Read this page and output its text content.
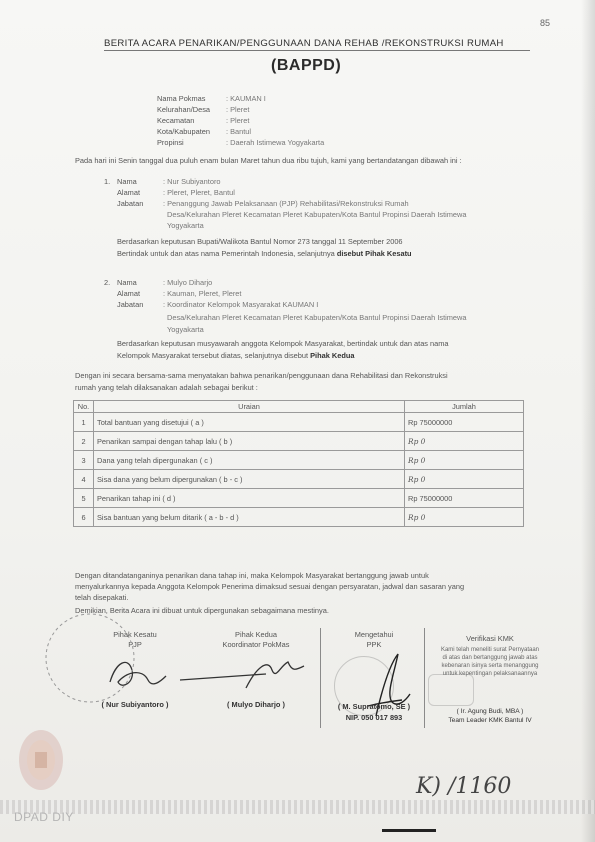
85
BERITA ACARA PENARIKAN/PENGGUNAAN DANA REHAB /REKONSTRUKSI RUMAH
(BAPPD)
Nama Pokmas	: KAUMAN I
Kelurahan/Desa : Pleret
Kecamatan	: Pleret
Kota/Kabupaten : Bantul
Propinsi	: Daerah Istimewa Yogyakarta
Pada hari ini Senin tanggal dua puluh enam bulan Maret tahun dua ribu tujuh, kami yang bertandatangan dibawah ini :
1. Nama	: Nur Subiyantoro
Alamat	: Pleret, Pleret, Bantul
Jabatan	: Penanggung Jawab Pelaksanaan (PJP) Rehabilitasi/Rekonstruksi Rumah
Desa/Kelurahan Pleret Kecamatan Pleret Kabupaten/Kota Bantul Propinsi Daerah Istimewa
Yogyakarta
Berdasarkan keputusan Bupati/Walikota Bantul Nomor 273 tanggal 11 September 2006
Bertindak untuk dan atas nama Pemerintah Indonesia, selanjutnya disebut Pihak Kesatu
2. Nama	: Mulyo Diharjo
Alamat	: Kauman, Pleret, Pleret
Jabatan	: Koordinator Kelompok Masyarakat KAUMAN I
Desa/Kelurahan Pleret Kecamatan Pleret Kabupaten/Kota Bantul Propinsi Daerah Istimewa
Yogyakarta
Berdasarkan keputusan musyawarah anggota Kelompok Masyarakat, bertindak untuk dan atas nama
Kelompok Masyarakat tersebut diatas, selanjutnya disebut Pihak Kedua
Dengan ini secara bersama-sama menyatakan bahwa penarikan/penggunaan dana Rehabilitasi dan Rekonstruksi
rumah yang telah dilaksanakan adalah sebagai berikut :
No.	Uraian	Jumlah
1	Total bantuan yang disetujui ( a )	Rp 75000000
2	Penarikan sampai dengan tahap lalu ( b )	Rp 0
3	Dana yang telah dipergunakan ( c )	Rp 0
4	Sisa dana yang belum dipergunakan ( b - c )	Rp 0
5	Penarikan tahap ini ( d )	Rp 75000000
6	Sisa bantuan yang belum ditarik ( a - b - d )	Rp 0
Dengan ditandatanganinya penarikan dana tahap ini, maka Kelompok Masyarakat bertanggung jawab untuk
menyalurkannya kepada Anggota Kelompok Penerima dimaksud sesuai dengan persyaratan, jadwal dan sasaran yang
telah disepakati.
Demikian, Berita Acara ini dibuat untuk dipergunakan sebagaimana mestinya.
Pihak Kesatu
PJP
( Nur Subiyantoro )
Pihak Kedua
Koordinator PokMas
( Mulyo Diharjo )
Mengetahui
PPK
( M. Supratomo, SE )
NIP. 050 017 893
Verifikasi KMK
Kami telah meneliti surat Pernyataan
di atas dan bertanggung jawab atas
kebenaran isinya serta menanggung
untuk kepentingan pelaksanaannya
( Ir. Agung Budi, MBA )
Team Leader KMK Bantul IV
K) /1160
DPAD DIY
